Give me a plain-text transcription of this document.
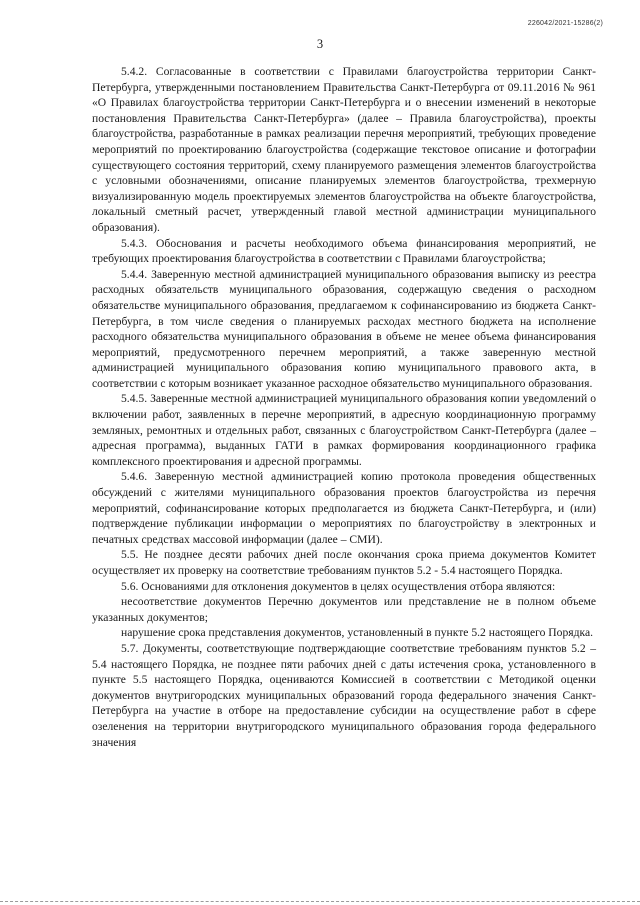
226042/2021-15286(2)
3

5.4.2. Согласованные в соответствии с Правилами благоустройства территории Санкт-Петербурга, утвержденными постановлением Правительства Санкт-Петербурга от 09.11.2016 № 961 «О Правилах благоустройства территории Санкт-Петербурга и о внесении изменений в некоторые постановления Правительства Санкт-Петербурга» (далее – Правила благоустройства), проекты благоустройства, разработанные в рамках реализации перечня мероприятий, требующих проведение мероприятий по проектированию благоустройства (содержащие текстовое описание и фотографии существующего состояния территорий, схему планируемого размещения элементов благоустройства с условными обозначениями, описание планируемых элементов благоустройства, трехмерную визуализированную модель проектируемых элементов благоустройства на объекте благоустройства, локальный сметный расчет, утвержденный главой местной администрации муниципального образования).

5.4.3. Обоснования и расчеты необходимого объема финансирования мероприятий, не требующих проектирования благоустройства в соответствии с Правилами благоустройства;

5.4.4. Заверенную местной администрацией муниципального образования выписку из реестра расходных обязательств муниципального образования, содержащую сведения о расходном обязательстве муниципального образования, предлагаемом к софинансированию из бюджета Санкт-Петербурга, в том числе сведения о планируемых расходах местного бюджета на исполнение расходного обязательства муниципального образования в объеме не менее объема финансирования мероприятий, предусмотренного перечнем мероприятий, а также заверенную местной администрацией муниципального образования копию муниципального правового акта, в соответствии с которым возникает указанное расходное обязательство муниципального образования.

5.4.5. Заверенные местной администрацией муниципального образования копии уведомлений о включении работ, заявленных в перечне мероприятий, в адресную координационную программу земляных, ремонтных и отдельных работ, связанных с благоустройством Санкт-Петербурга (далее – адресная программа), выданных ГАТИ в рамках формирования координационного графика комплексного проектирования и адресной программы.

5.4.6. Заверенную местной администрацией копию протокола проведения общественных обсуждений с жителями муниципального образования проектов благоустройства из перечня мероприятий, софинансирование которых предполагается из бюджета Санкт-Петербурга, и (или) подтверждение публикации информации о мероприятиях по благоустройству в электронных и печатных средствах массовой информации (далее – СМИ).

5.5. Не позднее десяти рабочих дней после окончания срока приема документов Комитет осуществляет их проверку на соответствие требованиям пунктов 5.2 - 5.4 настоящего Порядка.

5.6. Основаниями для отклонения документов в целях осуществления отбора являются:

несоответствие документов Перечню документов или представление не в полном объеме указанных документов;

нарушение срока представления документов, установленный в пункте 5.2 настоящего Порядка.

5.7. Документы, соответствующие подтверждающие соответствие требованиям пунктов 5.2 – 5.4 настоящего Порядка, не позднее пяти рабочих дней с даты истечения срока, установленного в пункте 5.5 настоящего Порядка, оцениваются Комиссией в соответствии с Методикой оценки документов внутригородских муниципальных образований города федерального значения Санкт-Петербурга на участие в отборе на предоставление субсидии на осуществление работ в сфере озеленения на территории внутригородского муниципального образования города федерального значения
